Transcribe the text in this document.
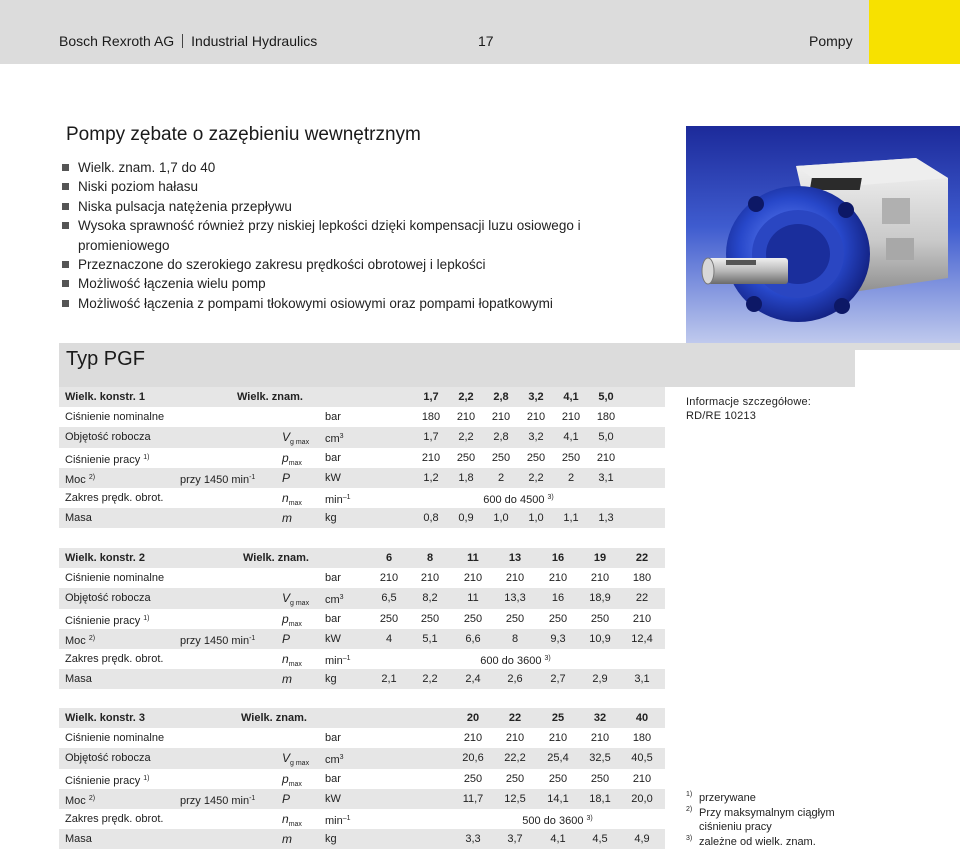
Bosch Rexroth AG Industrial Hydraulics	17	Pompy
Pompy zębate o zazębieniu wewnętrznym
Wielk. znam. 1,7 do 40
Niski poziom hałasu
Niska pulsacja natężenia przepływu
Wysoka sprawność również przy niskiej lepkości dzięki kompensacji luzu osiowego i promieniowego
Przeznaczone do szerokiego zakresu prędkości obrotowej i lepkości
Możliwość łączenia wielu pomp
Możliwość łączenia z pompami tłokowymi osiowymi oraz pompami łopatkowymi
Typ PGF
Informacje szczegółowe:
RD/RE 10213
Wielk. konstr. 1	Wielk. znam.	1,7	2,2	2,8	3,2	4,1	5,0
Ciśnienie nominalne	bar	180	210	210	210	210	180
Objętość robocza	$V_{g max}$ $cm^3$	1,7	2,2	2,8	3,2	4,1	5,0
Ciśnienie pracy $^{1)}$	$p_{max}$ bar	210	250	250	250	250	210
Moc $^{2)}$	przy 1450 $\min^{-1} P$	kW	1,2	1,8	2	2,2	2	3,1
Zakres prędk. obrot.	$n_{max}$ $\min^{-1}$	600 do 4500 $^{3)}$
Masa	m	kg	0,8	0,9	1,0	1,0	1,1	1,3
Wielk. konstr. 2	Wielk. znam.	6	8	11	13	16	19	22
Ciśnienie nominalne	bar	210	210	210	210	210	210	180
Objętość robocza	$V_{g max}$ $cm^3$	6,5	8,2	11	13,3	16	18,9	22
Ciśnienie pracy $^{1)}$	$p_{max}$ bar	250	250	250	250	250	250	210
Moc $^{2)}$	przy 1450 $\min^{-1} P$	kW	4	5,1	6,6	8	9,3	10,9	12,4
Zakres prędk. obrot.	$n_{max}$ $\min^{-1}$	600 do 3600 $^{3)}$
Masa	m	kg	2,1	2,2	2,4	2,6	2,7	2,9	3,1
Wielk. konstr. 3	Wielk. znam.	20	22	25	32	40
Ciśnienie nominalne	bar	210	210	210	210	180
Objętość robocza	$V_{g max}$ $cm^3$	20,6	22,2	25,4	32,5	40,5
Ciśnienie pracy $^{1)}$	$p_{max}$ bar	250	250	250	250	210
Moc $^{2)}$	przy 1450 $\min^{-1} P$	kW	11,7	12,5	14,1	18,1	20,0
Zakres prędk. obrot.	$n_{max}$ $\min^{-1}$	500 do 3600 $^{3)}$
Masa	m	kg	3,3	3,7	4,1	4,5	4,9
1) przerywane
2) Przy maksymalnym ciągłym
ciśnieniu pracy
3) zależne od wielk. znam.
